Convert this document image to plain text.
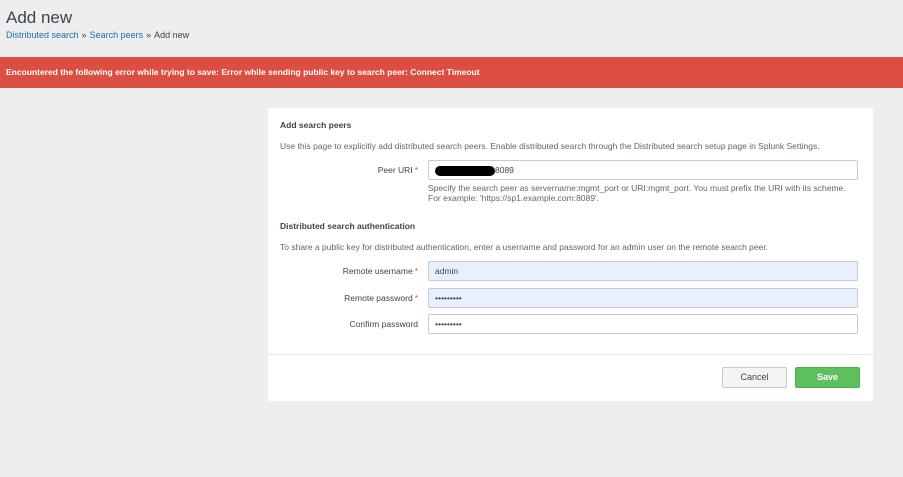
Add new
Distributed search » Search peers » Add new
Encountered the following error while trying to save: Error while sending public key to search peer: Connect Timeout
Add search peers
Use this page to explicitly add distributed search peers. Enable distributed search through the Distributed search setup page in Splunk Settings.
Peer URI *	8089
Specify the search peer as servername:mgmt_port or URI:mgmt_port. You must prefix the URI with its scheme. For example: 'https://sp1.example.com:8089'.
Distributed search authentication
To share a public key for distributed authentication, enter a username and password for an admin user on the remote search peer.
Remote username *	admin
Remote password *	•••••••••
Confirm password	•••••••••
Cancel	Save
